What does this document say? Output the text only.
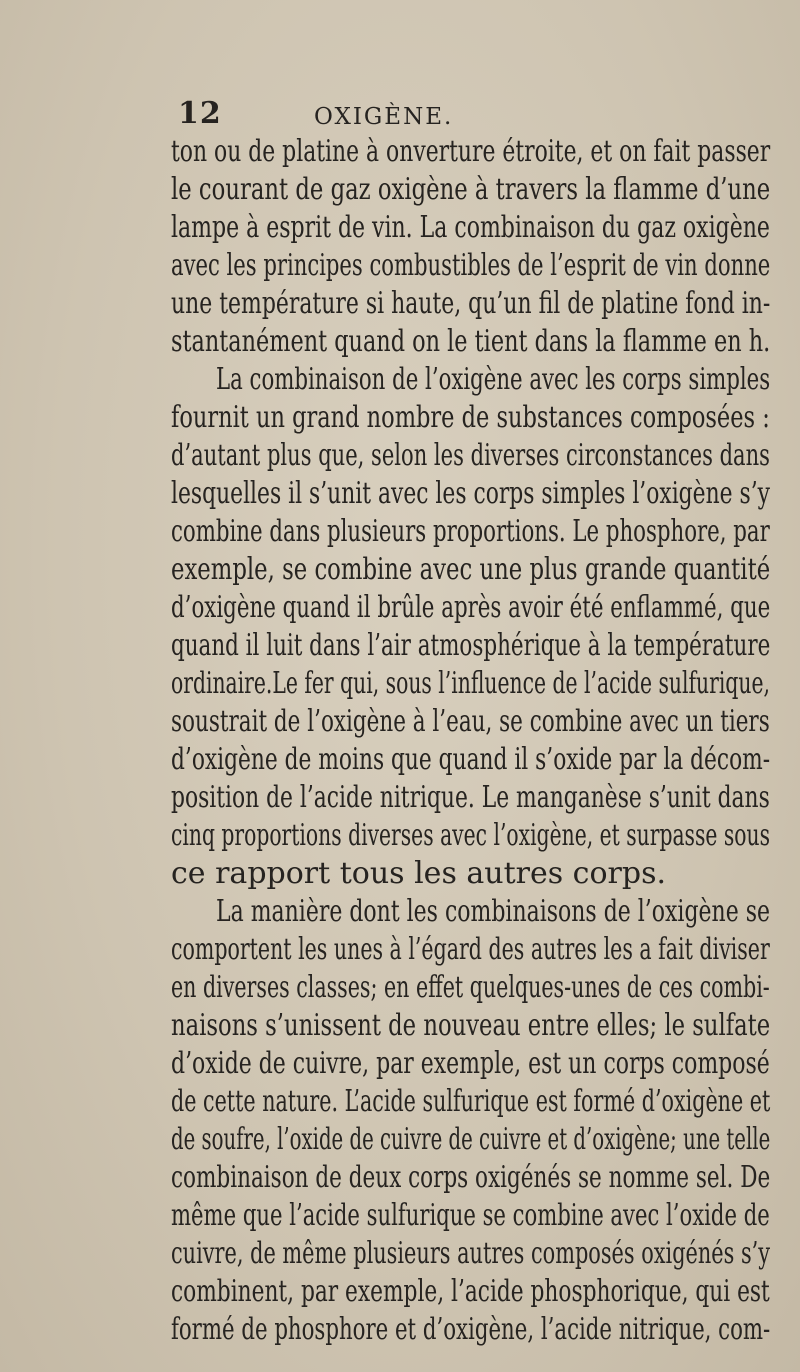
12	OXIGÈNE.
ton ou de platine à onverture étroite, et on fait passer
le courant de gaz oxigène à travers la flamme d’une
lampe à esprit de vin. La combinaison du gaz oxigène
avec les principes combustibles de l’esprit de vin donne
une température si haute, qu’un fil de platine fond in-
stantanément quand on le tient dans la flamme en h.
La combinaison de l’oxigène avec les corps simples
fournit un grand nombre de substances composées :
d’autant plus que, selon les diverses circonstances dans
lesquelles il s’unit avec les corps simples l’oxigène s’y
combine dans plusieurs proportions. Le phosphore, par
exemple, se combine avec une plus grande quantité
d’oxigène quand il brûle après avoir été enflammé, que
quand il luit dans l’air atmosphérique à la température
ordinaire.Le fer qui, sous l’influence de l’acide sulfurique,
soustrait de l’oxigène à l’eau, se combine avec un tiers
d’oxigène de moins que quand il s’oxide par la décom-
position de l’acide nitrique. Le manganèse s’unit dans
cinq proportions diverses avec l’oxigène, et surpasse sous
ce rapport tous les autres corps.
La manière dont les combinaisons de l’oxigène se
comportent les unes à l’égard des autres les a fait diviser
en diverses classes; en effet quelques-unes de ces combi-
naisons s’unissent de nouveau entre elles; le sulfate
d’oxide de cuivre, par exemple, est un corps composé
de cette nature. L’acide sulfurique est formé d’oxigène et
de soufre, l’oxide de cuivre de cuivre et d’oxigène; une telle
combinaison de deux corps oxigénés se nomme sel. De
même que l’acide sulfurique se combine avec l’oxide de
cuivre, de même plusieurs autres composés oxigénés s’y
combinent, par exemple, l’acide phosphorique, qui est
formé de phosphore et d’oxigène, l’acide nitrique, com-
